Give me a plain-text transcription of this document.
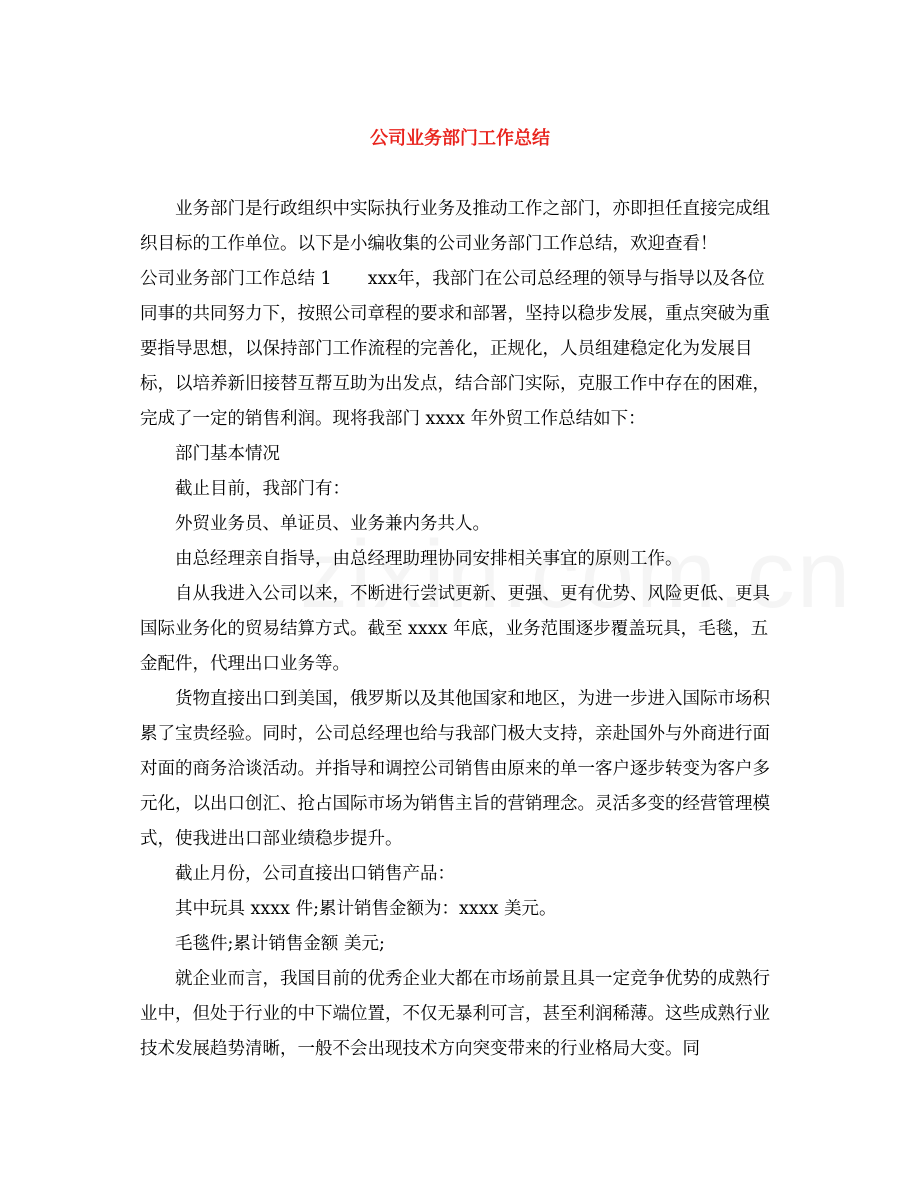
公司业务部门工作总结

业务部门是行政组织中实际执行业务及推动工作之部门，亦即担任直接完成组织目标的工作单位。以下是小编收集的公司业务部门工作总结，欢迎查看！

公司业务部门工作总结 1 xxx年，我部门在公司总经理的领导与指导以及各位同事的共同努力下，按照公司章程的要求和部署，坚持以稳步发展，重点突破为重要指导思想，以保持部门工作流程的完善化，正规化，人员组建稳定化为发展目标，以培养新旧接替互帮互助为出发点，结合部门实际，克服工作中存在的困难，完成了一定的销售利润。现将我部门 xxxx 年外贸工作总结如下：

部门基本情况

截止目前，我部门有：

外贸业务员、单证员、业务兼内务共人。

由总经理亲自指导，由总经理助理协同安排相关事宜的原则工作。

自从我进入公司以来，不断进行尝试更新、更强、更有优势、风险更低、更具国际业务化的贸易结算方式。截至 xxxx 年底，业务范围逐步覆盖玩具，毛毯，五金配件，代理出口业务等。

货物直接出口到美国，俄罗斯以及其他国家和地区，为进一步进入国际市场积累了宝贵经验。同时，公司总经理也给与我部门极大支持，亲赴国外与外商进行面对面的商务洽谈活动。并指导和调控公司销售由原来的单一客户逐步转变为客户多元化，以出口创汇、抢占国际市场为销售主旨的营销理念。灵活多变的经营管理模式，使我进出口部业绩稳步提升。

截止月份，公司直接出口销售产品：

其中玩具 xxxx 件;累计销售金额为：xxxx 美元。

毛毯件;累计销售金额 美元;

就企业而言，我国目前的优秀企业大都在市场前景且具一定竞争优势的成熟行业中，但处于行业的中下端位置，不仅无暴利可言，甚至利润稀薄。这些成熟行业技术发展趋势清晰，一般不会出现技术方向突变带来的行业格局大变。同
